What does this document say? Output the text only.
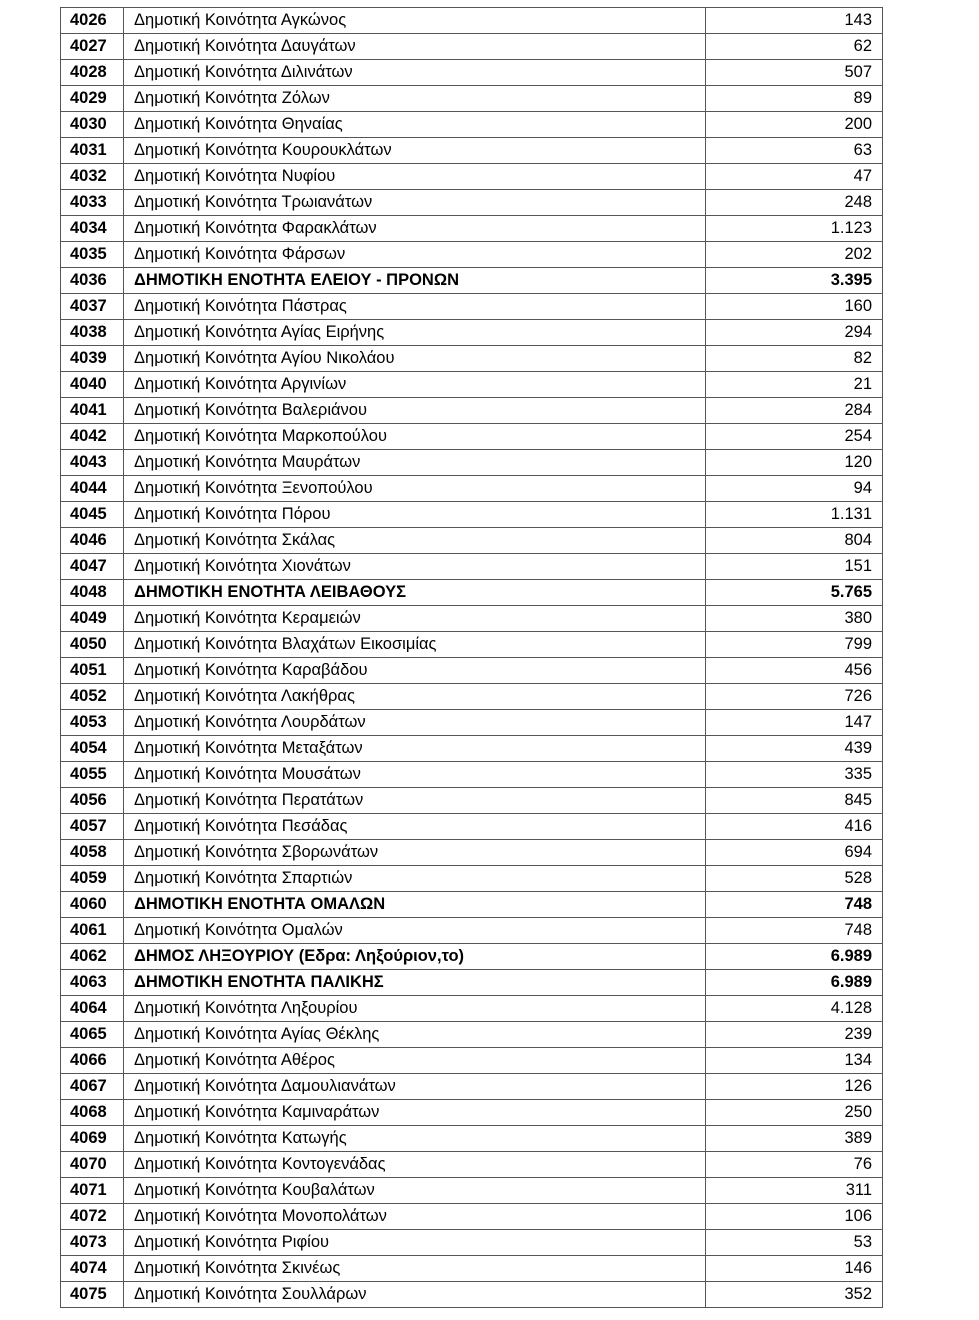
4026	Δημοτική Κοινότητα Αγκώνος	143
4027	Δημοτική Κοινότητα Δαυγάτων	62
4028	Δημοτική Κοινότητα Διλινάτων	507
4029	Δημοτική Κοινότητα Ζόλων	89
4030	Δημοτική Κοινότητα Θηναίας	200
4031	Δημοτική Κοινότητα Κουρουκλάτων	63
4032	Δημοτική Κοινότητα Νυφίου	47
4033	Δημοτική Κοινότητα Τρωιανάτων	248
4034	Δημοτική Κοινότητα Φαρακλάτων	1.123
4035	Δημοτική Κοινότητα Φάρσων	202
4036	ΔΗΜΟΤΙΚΗ ΕΝΟΤΗΤΑ ΕΛΕΙΟΥ - ΠΡΟΝΩΝ	3.395
4037	Δημοτική Κοινότητα Πάστρας	160
4038	Δημοτική Κοινότητα Αγίας Ειρήνης	294
4039	Δημοτική Κοινότητα Αγίου Νικολάου	82
4040	Δημοτική Κοινότητα Αργινίων	21
4041	Δημοτική Κοινότητα Βαλεριάνου	284
4042	Δημοτική Κοινότητα Μαρκοπούλου	254
4043	Δημοτική Κοινότητα Μαυράτων	120
4044	Δημοτική Κοινότητα Ξενοπούλου	94
4045	Δημοτική Κοινότητα Πόρου	1.131
4046	Δημοτική Κοινότητα Σκάλας	804
4047	Δημοτική Κοινότητα Χιονάτων	151
4048	ΔΗΜΟΤΙΚΗ ΕΝΟΤΗΤΑ ΛΕΙΒΑΘΟΥΣ	5.765
4049	Δημοτική Κοινότητα Κεραμειών	380
4050	Δημοτική Κοινότητα Βλαχάτων Εικοσιμίας	799
4051	Δημοτική Κοινότητα Καραβάδου	456
4052	Δημοτική Κοινότητα Λακήθρας	726
4053	Δημοτική Κοινότητα Λουρδάτων	147
4054	Δημοτική Κοινότητα Μεταξάτων	439
4055	Δημοτική Κοινότητα Μουσάτων	335
4056	Δημοτική Κοινότητα Περατάτων	845
4057	Δημοτική Κοινότητα Πεσάδας	416
4058	Δημοτική Κοινότητα Σβορωνάτων	694
4059	Δημοτική Κοινότητα Σπαρτιών	528
4060	ΔΗΜΟΤΙΚΗ ΕΝΟΤΗΤΑ ΟΜΑΛΩΝ	748
4061	Δημοτική Κοινότητα Ομαλών	748
4062	ΔΗΜΟΣ ΛΗΞΟΥΡΙΟΥ (Εδρα: Ληξούριον,το)	6.989
4063	ΔΗΜΟΤΙΚΗ ΕΝΟΤΗΤΑ ΠΑΛΙΚΗΣ	6.989
4064	Δημοτική Κοινότητα Ληξουρίου	4.128
4065	Δημοτική Κοινότητα Αγίας Θέκλης	239
4066	Δημοτική Κοινότητα Αθέρος	134
4067	Δημοτική Κοινότητα Δαμουλιανάτων	126
4068	Δημοτική Κοινότητα Καμιναράτων	250
4069	Δημοτική Κοινότητα Κατωγής	389
4070	Δημοτική Κοινότητα Κοντογενάδας	76
4071	Δημοτική Κοινότητα Κουβαλάτων	311
4072	Δημοτική Κοινότητα Μονοπολάτων	106
4073	Δημοτική Κοινότητα Ριφίου	53
4074	Δημοτική Κοινότητα Σκινέως	146
4075	Δημοτική Κοινότητα Σουλλάρων	352
